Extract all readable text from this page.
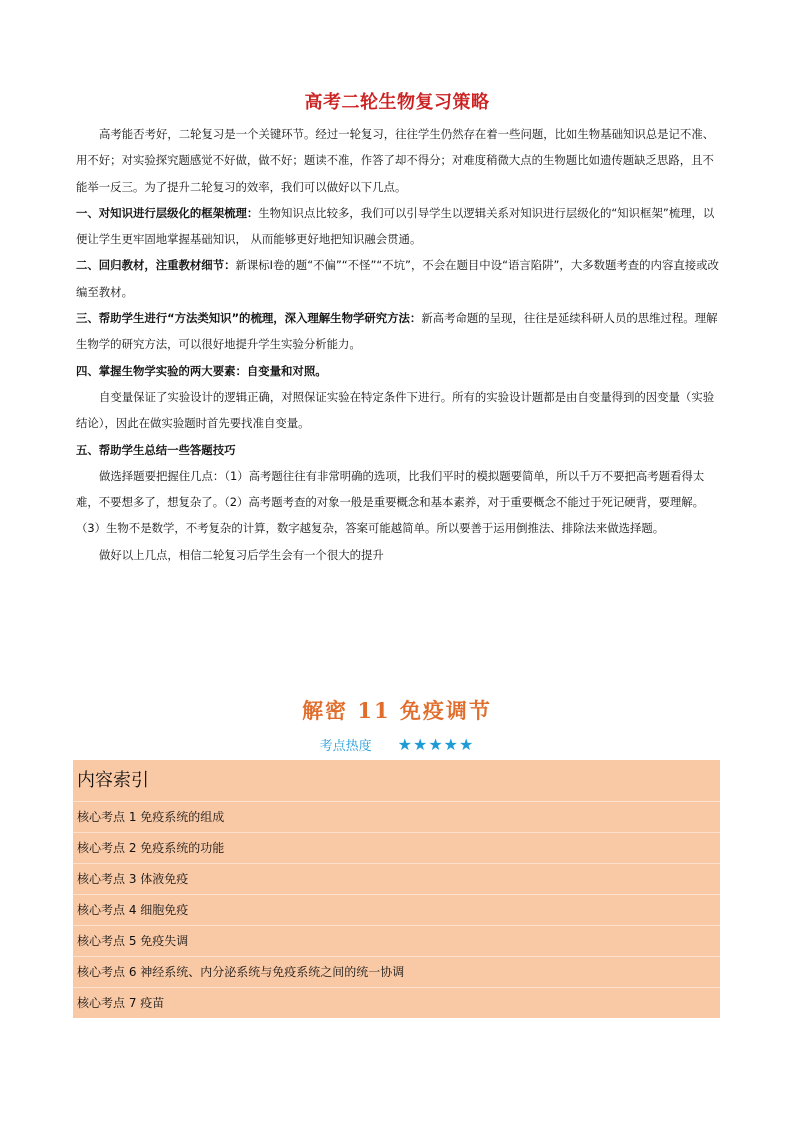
高考二轮生物复习策略

高考能否考好，二轮复习是一个关键环节。经过一轮复习，往往学生仍然存在着一些问题，比如生物基础知识总是记不准、用不好；对实验探究题感觉不好做，做不好；题读不准，作答了却不得分；对难度稍微大点的生物题比如遗传题缺乏思路，且不能举一反三。为了提升二轮复习的效率，我们可以做好以下几点。

一、对知识进行层级化的框架梳理：生物知识点比较多，我们可以引导学生以逻辑关系对知识进行层级化的“知识框架”梳理，以便让学生更牢固地掌握基础知识， 从而能够更好地把知识融会贯通。

二、回归教材，注重教材细节：新课标Ⅰ卷的题“不偏”“不怪”“不坑”，不会在题目中设“语言陷阱”，大多数题考查的内容直接或改编至教材。

三、帮助学生进行“方法类知识”的梳理，深入理解生物学研究方法：新高考命题的呈现，往往是延续科研人员的思维过程。理解生物学的研究方法，可以很好地提升学生实验分析能力。

四、掌握生物学实验的两大要素：自变量和对照。

自变量保证了实验设计的逻辑正确，对照保证实验在特定条件下进行。所有的实验设计题都是由自变量得到的因变量（实验结论），因此在做实验题时首先要找准自变量。

五、帮助学生总结一些答题技巧

做选择题要把握住几点：（1）高考题往往有非常明确的选项，比我们平时的模拟题要简单，所以千万不要把高考题看得太难，不要想多了，想复杂了。（2）高考题考查的对象一般是重要概念和基本素养，对于重要概念不能过于死记硬背，要理解。（3）生物不是数学，不考复杂的计算，数字越复杂，答案可能越简单。所以要善于运用倒推法、排除法来做选择题。

做好以上几点，相信二轮复习后学生会有一个很大的提升

解密 11 免疫调节
考点热度 ★★★★★
内容索引
核心考点 1 免疫系统的组成
核心考点 2 免疫系统的功能
核心考点 3 体液免疫
核心考点 4 细胞免疫
核心考点 5 免疫失调
核心考点 6 神经系统、内分泌系统与免疫系统之间的统一协调
核心考点 7 疫苗
